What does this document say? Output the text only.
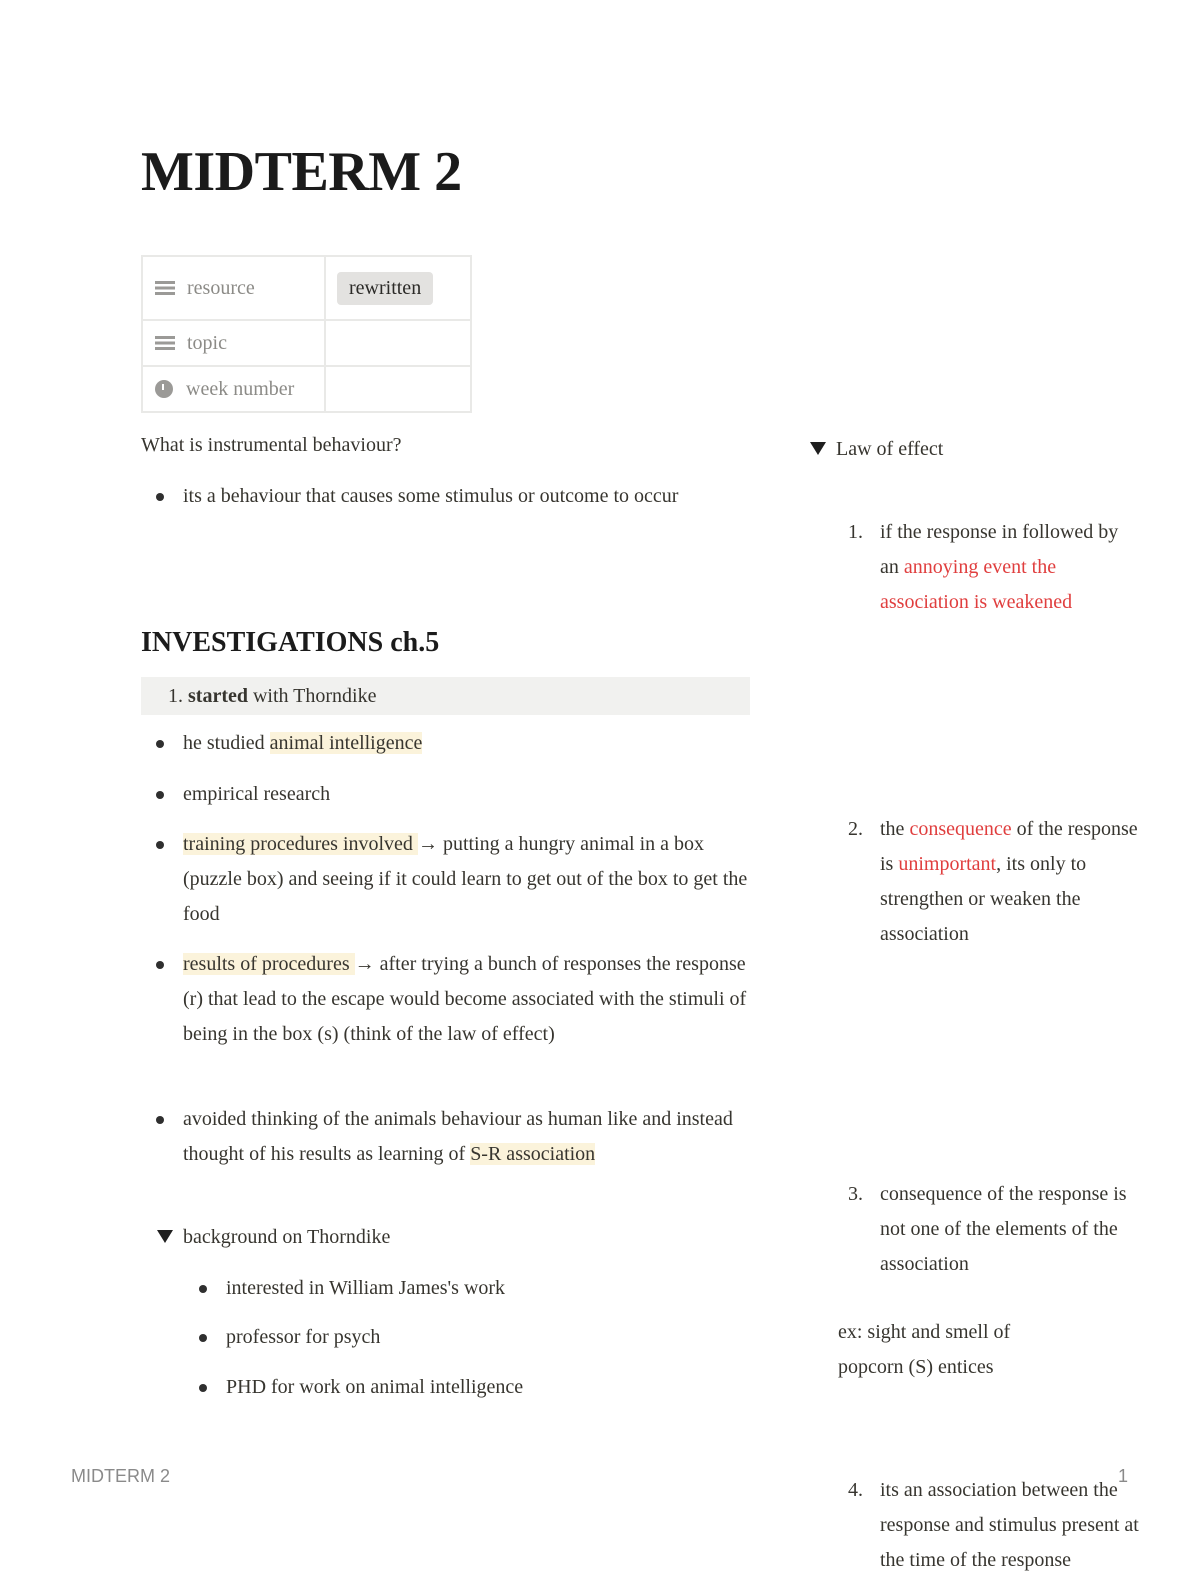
MIDTERM 2
resource	rewritten

topic	

week number	

What is instrumental behaviour?

its a behaviour that causes some stimulus or outcome to occur
INVESTIGATIONS ch.5
1. started with Thorndike
he studied animal intelligence
empirical research
training procedures involved → putting a hungry animal in a box (puzzle box) and seeing if it could learn to get out of the box to get the food
results of procedures → after trying a bunch of responses the response (r) that lead to the escape would become associated with the stimuli of being in the box (s) (think of the law of effect)
avoided thinking of the animals behaviour as human like and instead thought of his results as learning of S-R association
background on Thorndike
interested in William James's work
professor for psych
PHD for work on animal intelligence
Law of effect
1. if the response in followed by an annoying event the association is weakened
2. the consequence of the response is unimportant, its only to strengthen or weaken the association
3. consequence of the response is not one of the elements of the association
4. its an association between the response and stimulus present at the time of the response
ex: sight and smell of popcorn (S) entices
MIDTERM 2	1
